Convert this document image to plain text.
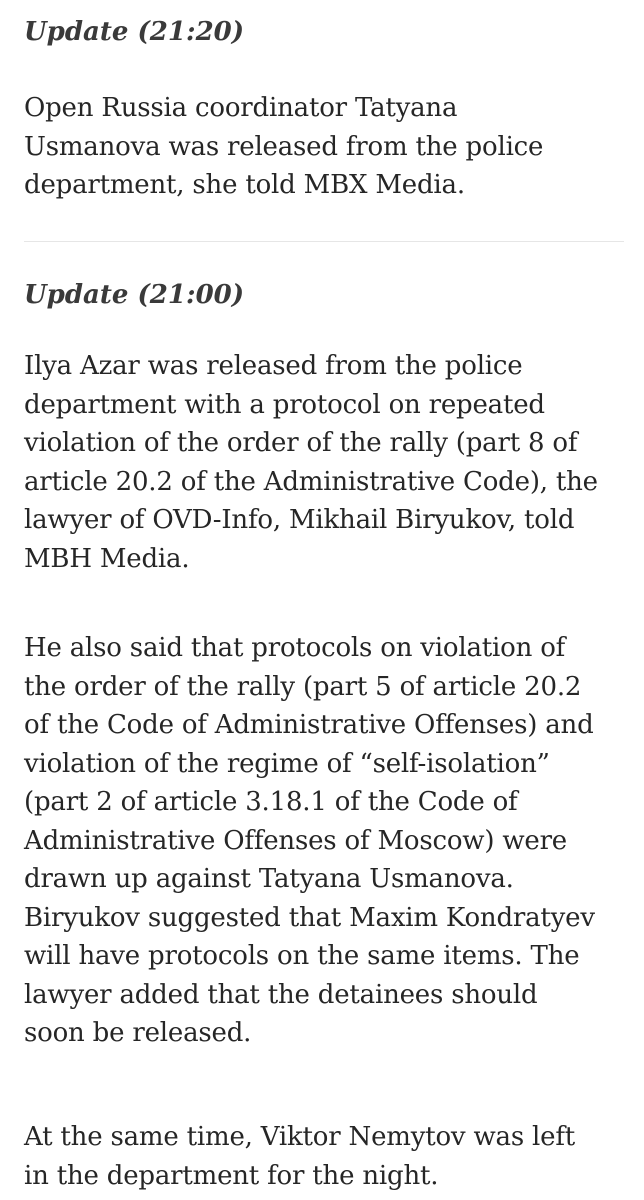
Update (21:20)

Open Russia coordinator Tatyana
Usmanova was released from the police
department, she told MBX Media.

Update (21:00)

Ilya Azar was released from the police
department with a protocol on repeated
violation of the order of the rally (part 8 of
article 20.2 of the Administrative Code), the
lawyer of OVD-Info, Mikhail Biryukov, told
MBH Media.

He also said that protocols on violation of
the order of the rally (part 5 of article 20.2
of the Code of Administrative Offenses) and
violation of the regime of “self-isolation”
(part 2 of article 3.18.1 of the Code of
Administrative Offenses of Moscow) were
drawn up against Tatyana Usmanova.
Biryukov suggested that Maxim Kondratyev
will have protocols on the same items. The
lawyer added that the detainees should
soon be released.

At the same time, Viktor Nemytov was left
in the department for the night.
